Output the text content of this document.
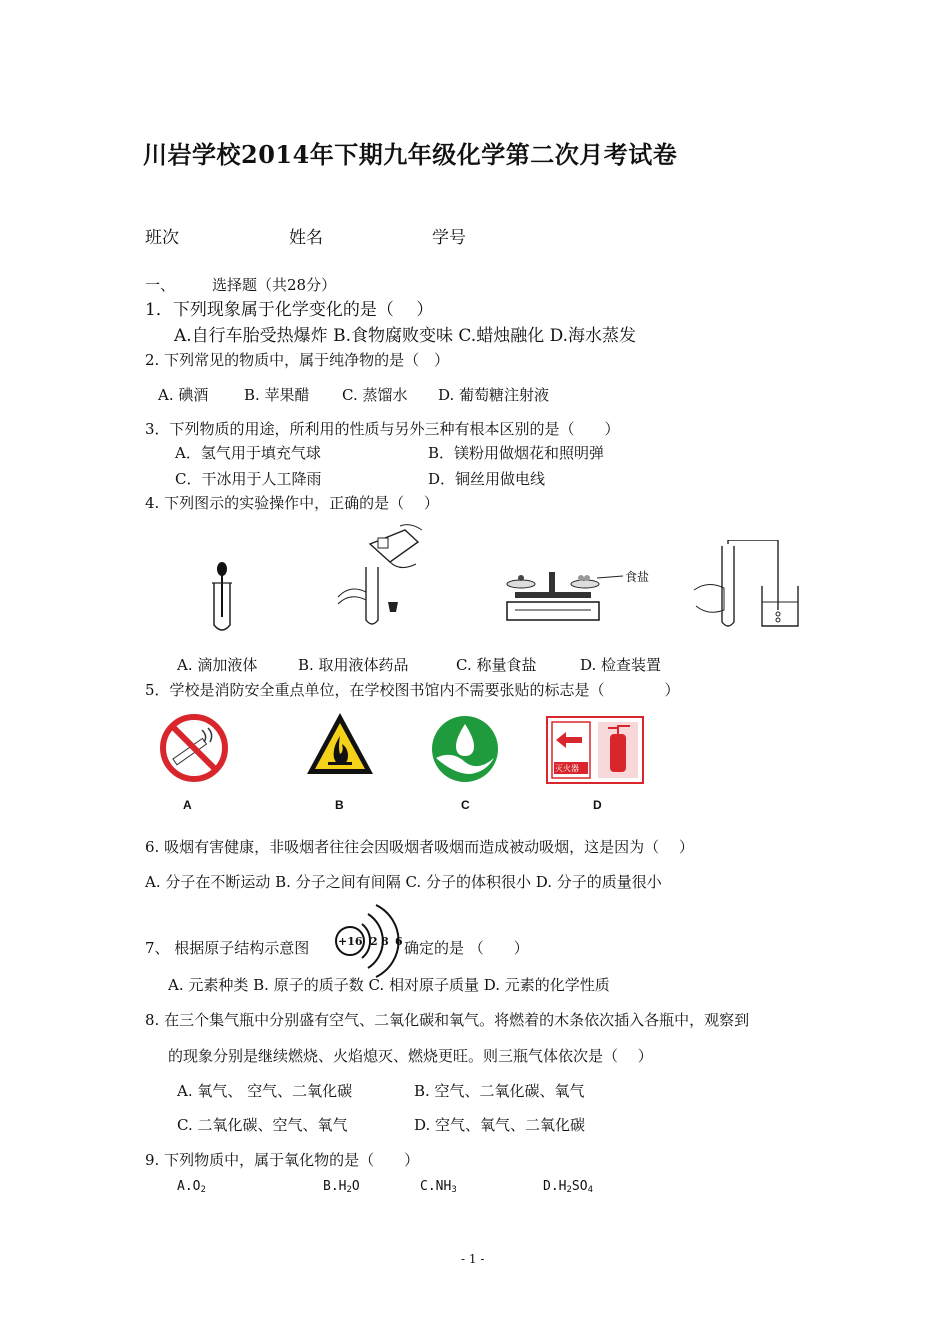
川岩学校2014年下期九年级化学第二次月考试卷
班次	姓名	学号
一、 选择题（共28分）
1．下列现象属于化学变化的是（　 ）
A.自行车胎受热爆炸 B.食物腐败变味 C.蜡烛融化 D.海水蒸发
2. 下列常见的物质中，属于纯净物的是（　）
A. 碘酒 B. 苹果醋 C. 蒸馏水 D. 葡萄糖注射液
3．下列物质的用途，所利用的性质与另外三种有根本区别的是（　　）
A．氢气用于填充气球	B．镁粉用做烟花和照明弹
C．干冰用于人工降雨	D．铜丝用做电线
4. 下列图示的实验操作中，正确的是（　 ）
食盐
A. 滴加液体	B. 取用液体药品	C. 称量食盐	D. 检查装置
5．学校是消防安全重点单位，在学校图书馆内不需要张贴的标志是（　　　　）
灭火器
A	B	C	D
6. 吸烟有害健康，非吸烟者往往会因吸烟者吸烟而造成被动吸烟，这是因为（　 ）
A. 分子在不断运动 B. 分子之间有间隔 C. 分子的体积很小 D. 分子的质量很小
7、 根据原子结构示意图	确定的是 （　　）
+16 2 8 6
A. 元素种类 B. 原子的质子数 C. 相对原子质量 D. 元素的化学性质
8. 在三个集气瓶中分别盛有空气、二氧化碳和氧气。将燃着的木条依次插入各瓶中，观察到
的现象分别是继续燃烧、火焰熄灭、燃烧更旺。则三瓶气体依次是（　 ）
A. 氧气、 空气、二氧化碳	B. 空气、二氧化碳、氧气
C. 二氧化碳、空气、氧气	D. 空气、氧气、二氧化碳
9. 下列物质中，属于氧化物的是（　　）
$A.O_2$	$B.H_2O$	$C.NH_3$	$D.H_2SO_4$
- 1 -
